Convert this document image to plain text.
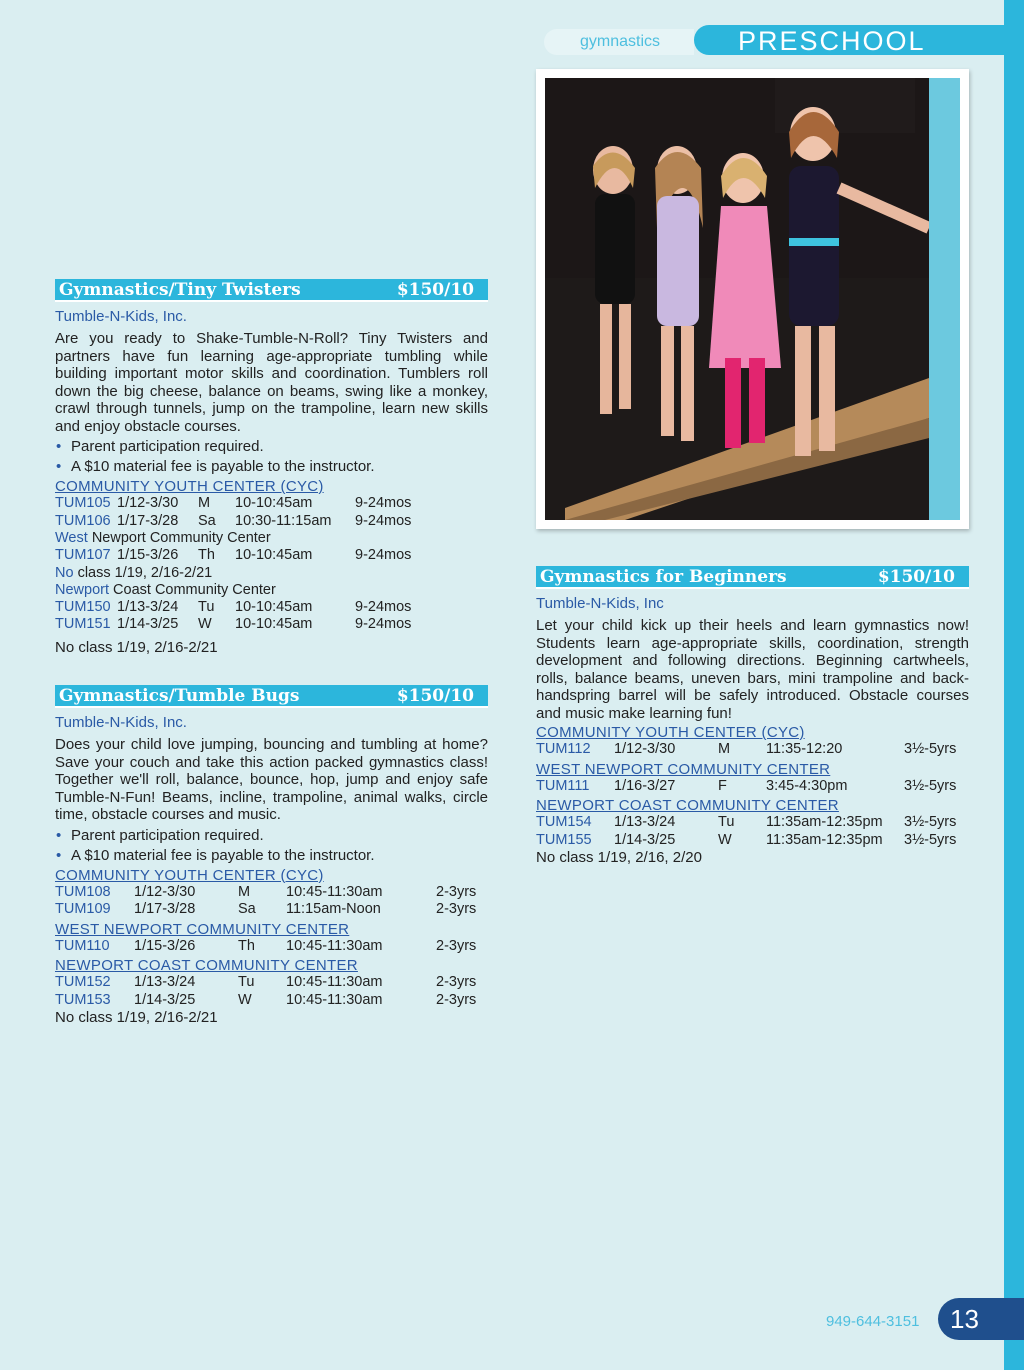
gymnastics	PRESCHOOL
Gymnastics/Tiny Twisters	$150/10
Tumble-N-Kids, Inc.
Are you ready to Shake-Tumble-N-Roll? Tiny Twisters and partners have fun learning age-appropriate tumbling while building important motor skills and coordination. Tumblers roll down the big cheese, balance on beams, swing like a monkey, crawl through tunnels, jump on the trampoline, learn new skills and enjoy obstacle courses.
• Parent participation required.
• A $10 material fee is payable to the instructor.
COMMUNITY YOUTH CENTER (CYC)
TUM105 1/12-3/30	M	10-10:45am	9-24mos
TUM106 1/17-3/28	Sa	10:30-11:15am	9-24mos
West Newport Community Center
TUM107 1/15-3/26	Th	10-10:45am	9-24mos
No class 1/19, 2/16-2/21
Newport Coast Community Center
TUM150 1/13-3/24	Tu	10-10:45am	9-24mos
TUM151 1/14-3/25	W	10-10:45am	9-24mos
No class 1/19, 2/16-2/21
Gymnastics/Tumble Bugs	$150/10
Tumble-N-Kids, Inc.
Does your child love jumping, bouncing and tumbling at home? Save your couch and take this action packed gymnastics class! Together we'll roll, balance, bounce, hop, jump and enjoy safe Tumble-N-Fun! Beams, incline, trampoline, animal walks, circle time, obstacle courses and music.
• Parent participation required.
• A $10 material fee is payable to the instructor.
COMMUNITY YOUTH CENTER (CYC)
TUM108	1/12-3/30	M	10:45-11:30am	2-3yrs
TUM109	1/17-3/28	Sa	11:15am-Noon	2-3yrs
WEST NEWPORT COMMUNITY CENTER
TUM110	1/15-3/26	Th	10:45-11:30am	2-3yrs
NEWPORT COAST COMMUNITY CENTER
TUM152	1/13-3/24	Tu	10:45-11:30am	2-3yrs
TUM153	1/14-3/25	W	10:45-11:30am	2-3yrs
No class 1/19, 2/16-2/21
Gymnastics for Beginners	$150/10
Tumble-N-Kids, Inc
Let your child kick up their heels and learn gymnastics now! Students learn age-appropriate skills, coordination, strength development and following directions. Beginning cartwheels, rolls, balance beams, uneven bars, mini trampoline and back-handspring barrel will be safely introduced. Obstacle courses and music make learning fun!
COMMUNITY YOUTH CENTER (CYC)
TUM112	1/12-3/30	M	11:35-12:20	3½-5yrs
WEST NEWPORT COMMUNITY CENTER
TUM111	1/16-3/27	F	3:45-4:30pm	3½-5yrs
NEWPORT COAST COMMUNITY CENTER
TUM154	1/13-3/24	Tu	11:35am-12:35pm	3½-5yrs
TUM155	1/14-3/25	W	11:35am-12:35pm	3½-5yrs
No class 1/19, 2/16, 2/20
949-644-3151	13
